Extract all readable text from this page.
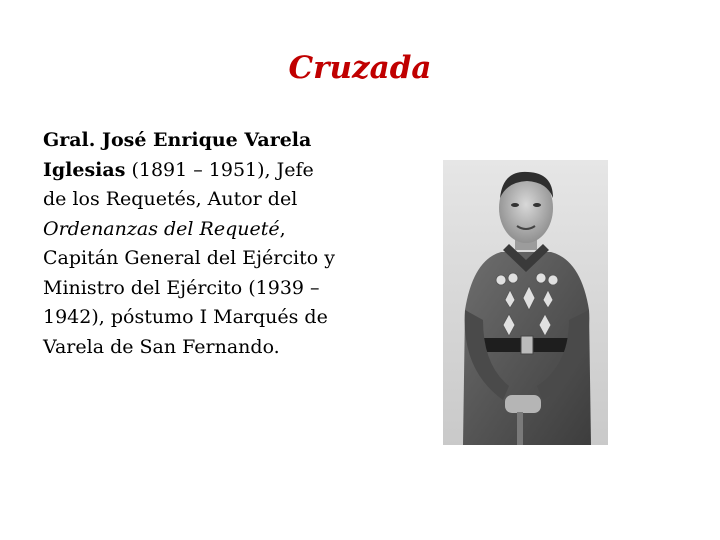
Cruzada
Gral. José Enrique Varela Iglesias (1891 – 1951), Jefe de los Requetés, Autor del Ordenanzas del Requeté, Capitán General del Ejército y Ministro del Ejército (1939 – 1942), póstumo I Marqués de Varela de San Fernando.
